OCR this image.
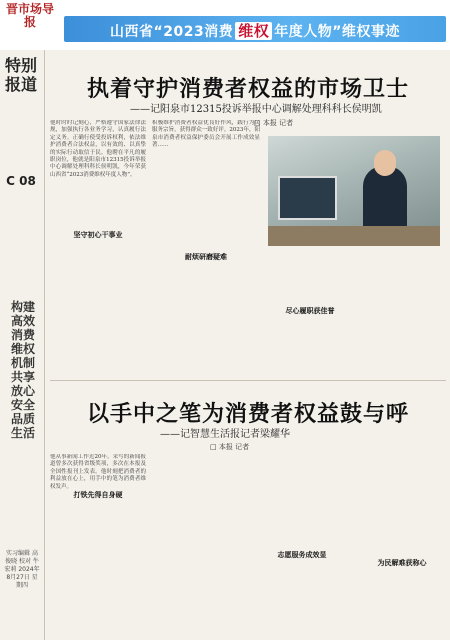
晋市场导报
山西省“2023消费 维权 年度人物”维权事迹
特别报道
C 08
构建高效消费维权机制 共享放心安全品质生活
实习编辑 高俊晓 校对 牛宏莉 2024年8月27日 星期四
执着守护消费者权益的市场卫士
——记阳泉市12315投诉举报中心调解处理科科长侯明凯
□ 本报 记者
他时时时记刻心，严格遵守国家法律法规，加强执行各业务学习，认真履行法定义务。正确行使受投诉权利，依法维护消费者合法权益，以有效的、以真挚的实际行动取信于民。他聘在平凡的履职岗位，他就是阳泉市12315投诉举报中心调解处理科科长侯明凯，今年荣获山西省“2023消费维权年度人物”。
坚守初心干事业
积极维护消费者权益优良好作风，践行为民服务宗旨，获得群众一致好评。2023年，阳泉市消费者权益保护委员会开展工作成效显著……
耐烦研磨疑难
尽心履职获佳誉
以手中之笔为消费者权益鼓与呼
——记智慧生活报记者梁耀华
□ 本报 记者
他从事新闻工作近20年，采写的新闻报道曾多次获得省级奖项，多次在本报及全国性报刊上发表。他时刻把消费者的利益放在心上，用手中的笔为消费者维权发声。
打铁先得自身硬
志愿服务成效显
为民解难获称心
